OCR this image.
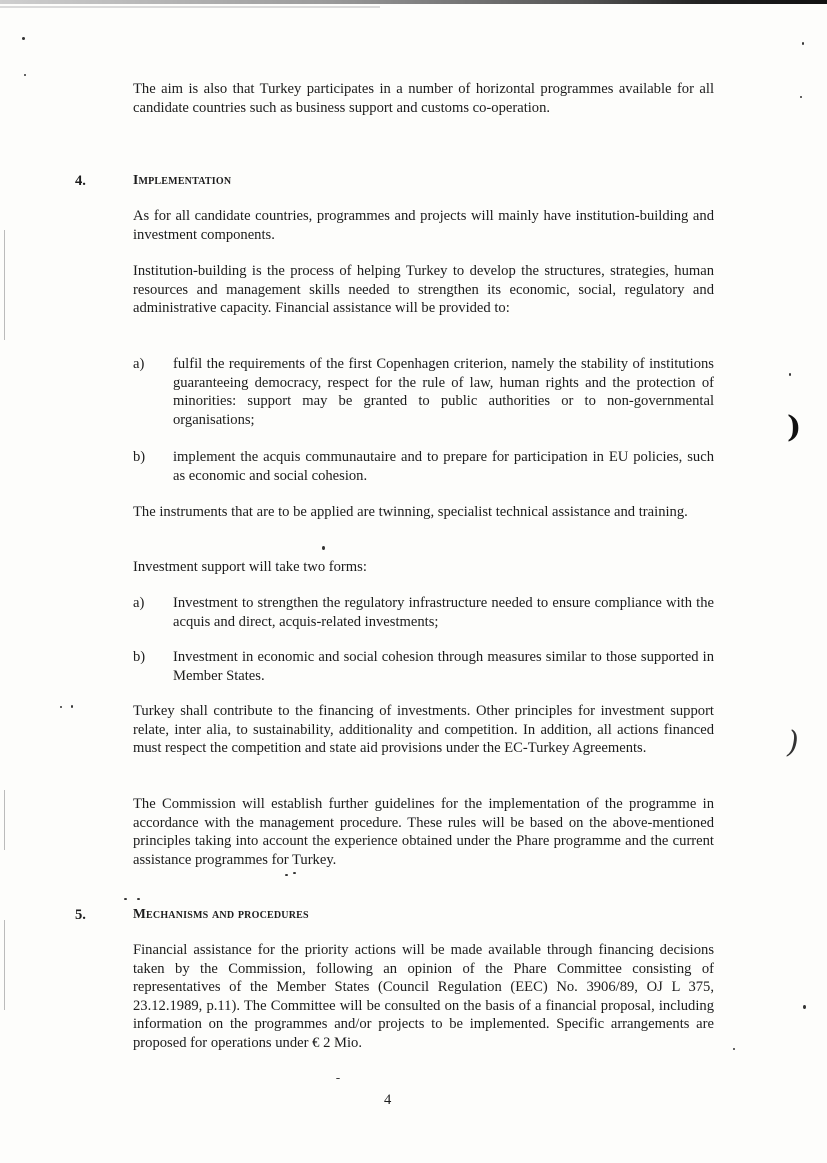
The aim is also that Turkey participates in a number of horizontal programmes available for all candidate countries such as business support and customs co-operation.

4.	Implementation

As for all candidate countries, programmes and projects will mainly have institution-building and investment components.

Institution-building is the process of helping Turkey to develop the structures, strategies, human resources and management skills needed to strengthen its economic, social, regulatory and administrative capacity. Financial assistance will be provided to:

a) fulfil the requirements of the first Copenhagen criterion, namely the stability of institutions guaranteeing democracy, respect for the rule of law, human rights and the protection of minorities: support may be granted to public authorities or to non-governmental organisations;
b) implement the acquis communautaire and to prepare for participation in EU policies, such as economic and social cohesion.

The instruments that are to be applied are twinning, specialist technical assistance and training.

Investment support will take two forms:

a) Investment to strengthen the regulatory infrastructure needed to ensure compliance with the acquis and direct, acquis-related investments;
b) Investment in economic and social cohesion through measures similar to those supported in Member States.

Turkey shall contribute to the financing of investments. Other principles for investment support relate, inter alia, to sustainability, additionality and competition. In addition, all actions financed must respect the competition and state aid provisions under the EC-Turkey Agreements.

The Commission will establish further guidelines for the implementation of the programme in accordance with the management procedure. These rules will be based on the above-mentioned principles taking into account the experience obtained under the Phare programme and the current assistance programmes for Turkey.

5.	Mechanisms and procedures

Financial assistance for the priority actions will be made available through financing decisions taken by the Commission, following an opinion of the Phare Committee consisting of representatives of the Member States (Council Regulation (EEC) No. 3906/89, OJ L 375, 23.12.1989, p.11). The Committee will be consulted on the basis of a financial proposal, including information on the programmes and/or projects to be implemented. Specific arrangements are proposed for operations under € 2 Mio.

4
)
)
